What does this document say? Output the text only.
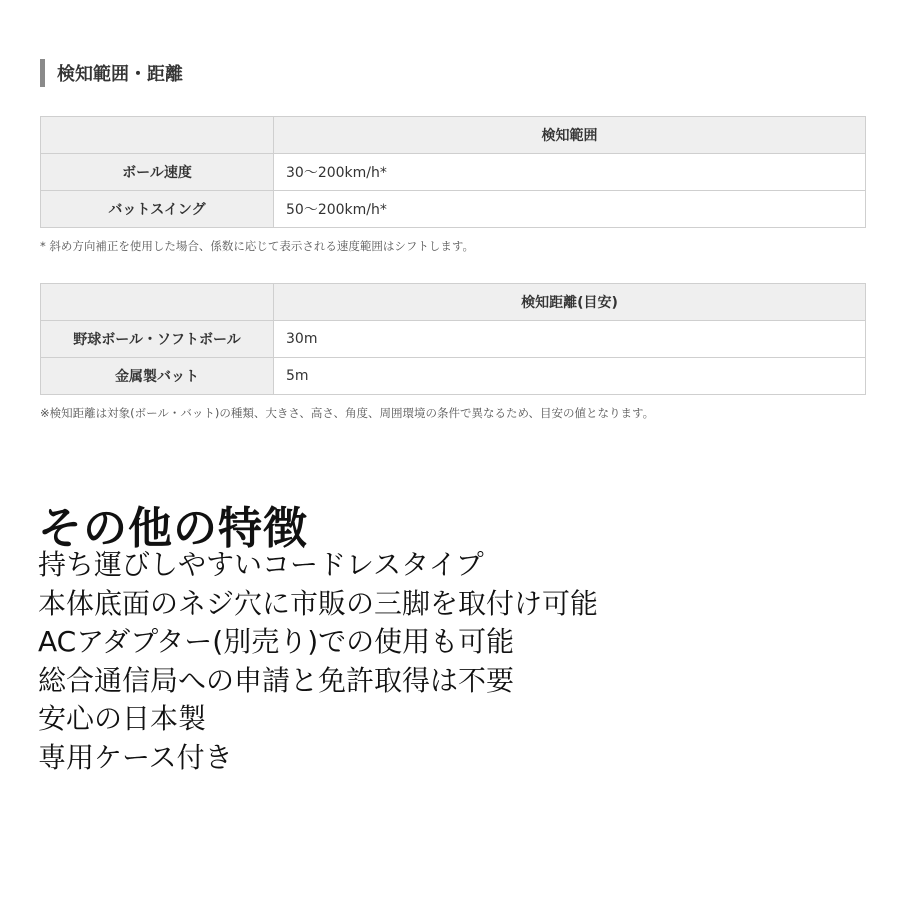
検知範囲・距離
	検知範囲
ボール速度	30〜200km/h*
バットスイング	50〜200km/h*
* 斜め方向補正を使用した場合、係数に応じて表示される速度範囲はシフトします。
	検知距離(目安)
野球ボール・ソフトボール	30m
金属製バット	5m
※検知距離は対象(ボール・バット)の種類、大きさ、高さ、角度、周囲環境の条件で異なるため、目安の値となります。
その他の特徴
持ち運びしやすいコードレスタイプ
本体底面のネジ穴に市販の三脚を取付け可能
ACアダプター(別売り)での使用も可能
総合通信局への申請と免許取得は不要
安心の日本製
専用ケース付き
